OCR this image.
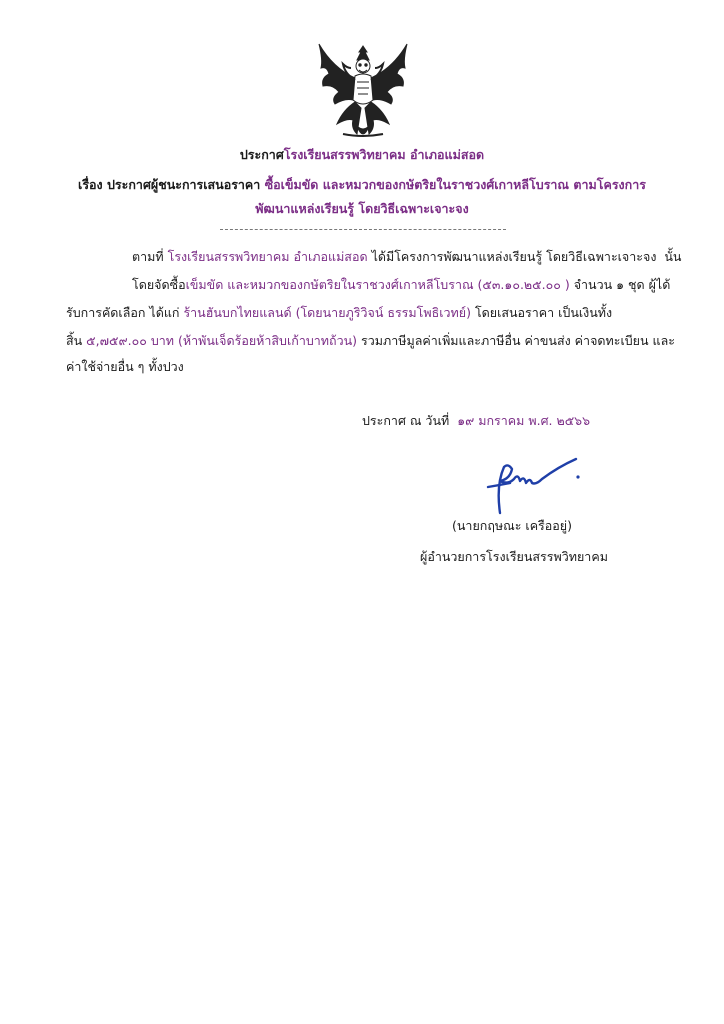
ประกาศโรงเรียนสรรพวิทยาคม อำเภอแม่สอด
เรื่อง ประกาศผู้ชนะการเสนอราคา ซื้อเข็มขัด และหมวกของกษัตริยในราชวงศ์เกาหลีโบราณ ตามโครงการ
พัฒนาแหล่งเรียนรู้ โดยวิธีเฉพาะเจาะจง
ตามที่ โรงเรียนสรรพวิทยาคม อำเภอแม่สอด ได้มีโครงการพัฒนาแหล่งเรียนรู้ โดยวิธีเฉพาะเจาะจง นั้น
โดยจัดซื้อเข็มขัด และหมวกของกษัตริยในราชวงศ์เกาหลีโบราณ (๕๓.๑๐.๒๕.๐๐ ) จำนวน ๑ ชุด ผู้ได้
รับการคัดเลือก ได้แก่ ร้านฮันบกไทยแลนด์ (โดยนายภูริวิจน์ ธรรมโพธิเวทย์) โดยเสนอราคา เป็นเงินทั้ง
สิ้น ๕,๗๕๙.๐๐ บาท (ห้าพันเจ็ดร้อยห้าสิบเก้าบาทถ้วน) รวมภาษีมูลค่าเพิ่มและภาษีอื่น ค่าขนส่ง ค่าจดทะเบียน และ
ค่าใช้จ่ายอื่น ๆ ทั้งปวง
ประกาศ ณ วันที่ ๑๙ มกราคม พ.ศ. ๒๕๖๖
(นายกฤษณะ เครืออยู่)
ผู้อำนวยการโรงเรียนสรรพวิทยาคม
